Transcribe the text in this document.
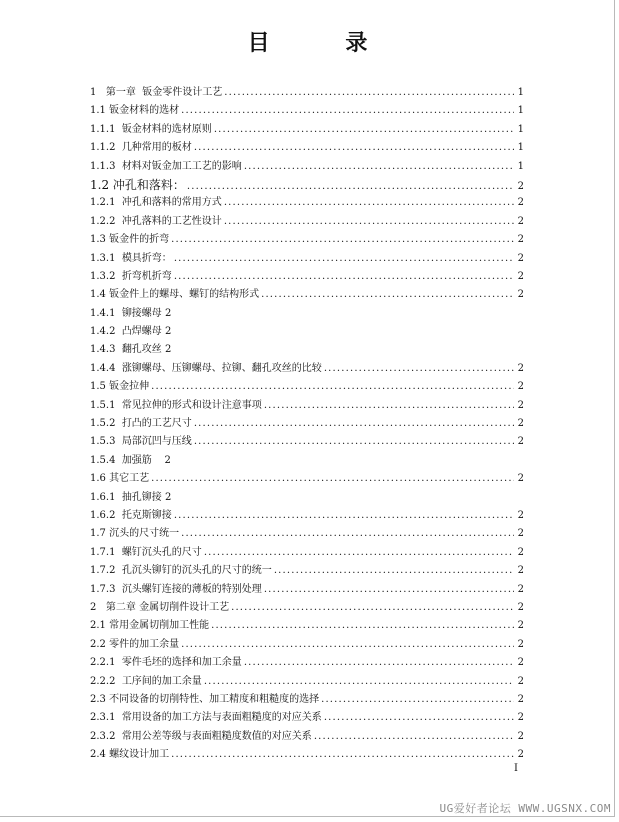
目 录
1 第一章  钣金零件设计工艺 . . .	1
1.1 钣金材料的选材 . . .	1
1.1.1 钣金材料的选材原则 . . .	1
1.1.2 几种常用的板材 . . .	1
1.1.3 材料对钣金加工工艺的影响 . . .	1
1.2 冲孔和落料： . . .	2
1.2.1 冲孔和落料的常用方式 . . .	2
1.2.2 冲孔落料的工艺性设计 . . .	2
1.3 钣金件的折弯 . . .	2
1.3.1 模具折弯： . . .	2
1.3.2 折弯机折弯 . . .	2
1.4 钣金件上的螺母、螺钉的结构形式 . . .	2
1.4.1 铆接螺母 2
1.4.2 凸焊螺母 2
1.4.3 翻孔攻丝 2
1.4.4 涨铆螺母、压铆螺母、拉铆、翻孔攻丝的比较 . . .	2
1.5 钣金拉伸 . . .	2
1.5.1 常见拉伸的形式和设计注意事项 . . .	2
1.5.2 打凸的工艺尺寸 . . .	2
1.5.3 局部沉凹与压线 . . .	2
1.5.4 加强筋    2
1.6 其它工艺 . . .	2
1.6.1 抽孔铆接 2
1.6.2 托克斯铆接 . . .	2
1.7 沉头的尺寸统一 . . .	2
1.7.1 螺钉沉头孔的尺寸 . . .	2
1.7.2 孔沉头铆钉的沉头孔的尺寸的统一 . . .	2
1.7.3 沉头螺钉连接的薄板的特别处理 . . .	2
2 第二章 金属切削件设计工艺 . . .	2
2.1 常用金属切削加工性能 . . .	2
2.2 零件的加工余量 . . .	2
2.2.1 零件毛坯的选择和加工余量 . . .	2
2.2.2 工序间的加工余量 . . .	2
2.3 不同设备的切削特性、加工精度和粗糙度的选择 . . .	2
2.3.1 常用设备的加工方法与表面粗糙度的对应关系 . . .	2
2.3.2 常用公差等级与表面粗糙度数值的对应关系 . . .	2
2.4 螺纹设计加工 . . .	2
I
UG爱好者论坛 WWW.UGSNX.COM
